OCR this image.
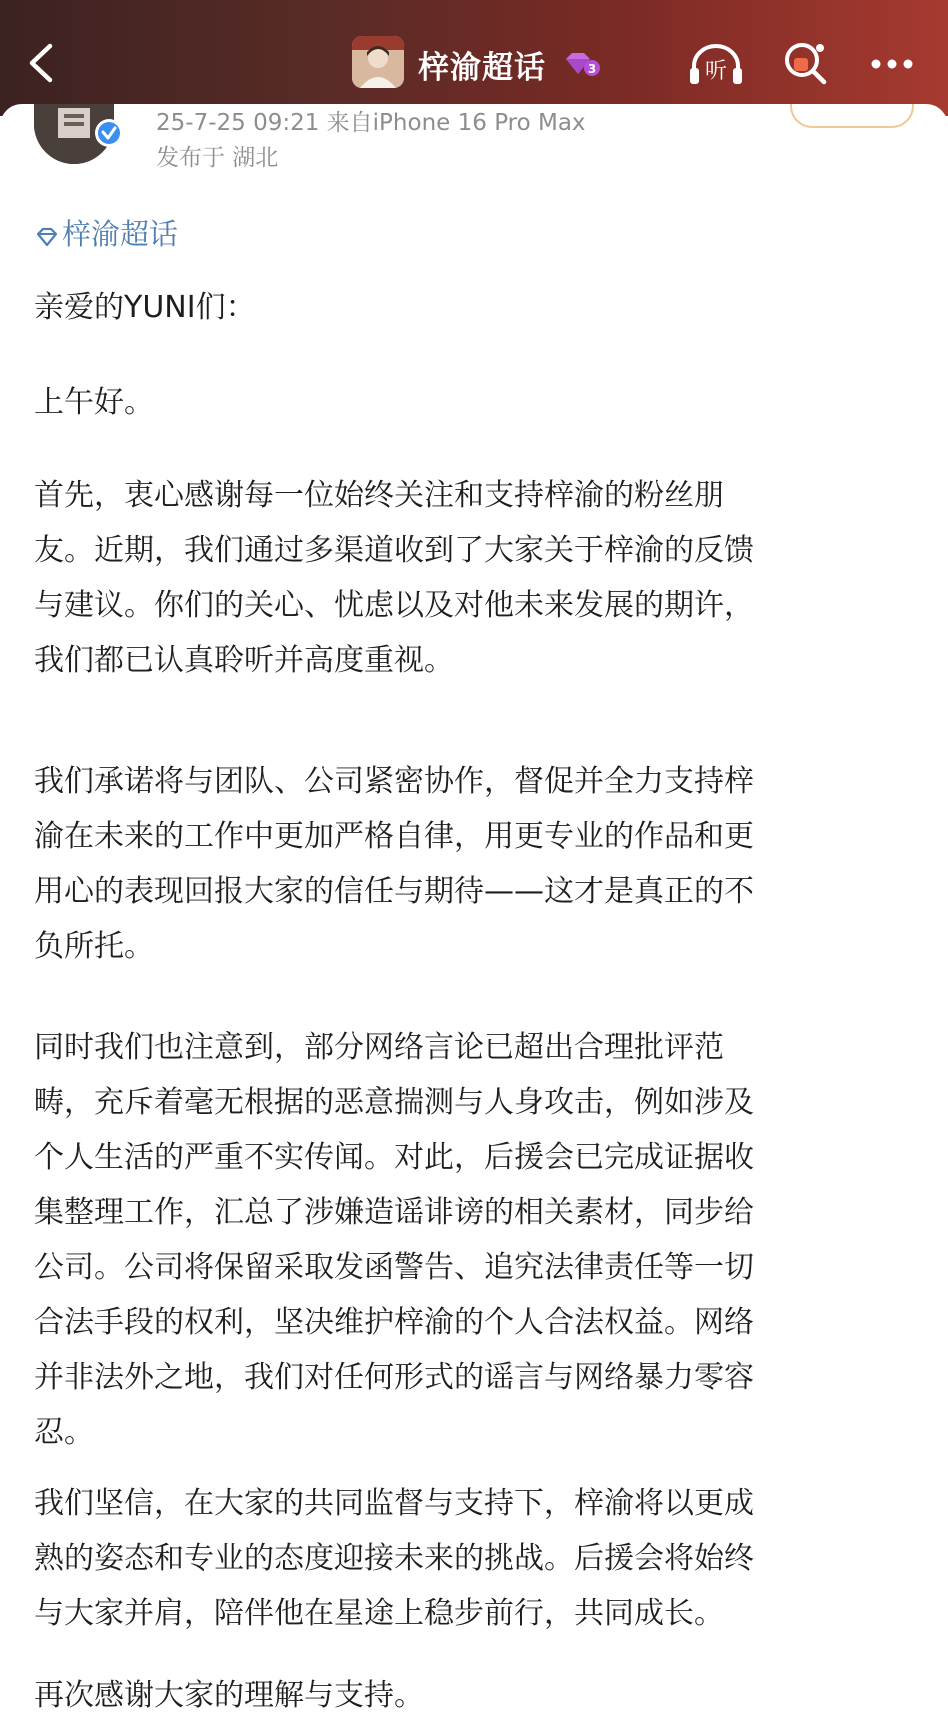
梓渝超话	3	听
25-7-25 09:21 来自iPhone 16 Pro Max
发布于 湖北
梓渝超话
亲爱的YUNI们：
上午好。
首先，衷心感谢每一位始终关注和支持梓渝的粉丝朋
友。近期，我们通过多渠道收到了大家关于梓渝的反馈
与建议。你们的关心、忧虑以及对他未来发展的期许，
我们都已认真聆听并高度重视。
我们承诺将与团队、公司紧密协作，督促并全力支持梓
渝在未来的工作中更加严格自律，用更专业的作品和更
用心的表现回报大家的信任与期待——这才是真正的不
负所托。
同时我们也注意到，部分网络言论已超出合理批评范
畴，充斥着毫无根据的恶意揣测与人身攻击，例如涉及
个人生活的严重不实传闻。对此，后援会已完成证据收
集整理工作，汇总了涉嫌造谣诽谤的相关素材，同步给
公司。公司将保留采取发函警告、追究法律责任等一切
合法手段的权利，坚决维护梓渝的个人合法权益。网络
并非法外之地，我们对任何形式的谣言与网络暴力零容
忍。
我们坚信，在大家的共同监督与支持下，梓渝将以更成
熟的姿态和专业的态度迎接未来的挑战。后援会将始终
与大家并肩，陪伴他在星途上稳步前行，共同成长。
再次感谢大家的理解与支持。
